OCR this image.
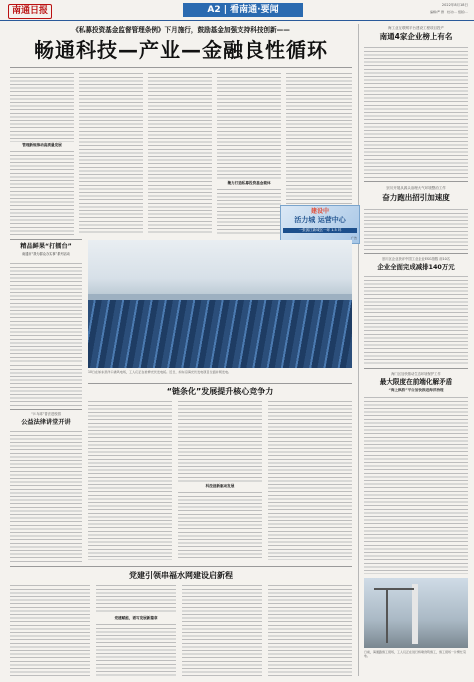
南通日报	A2 | 看南通·要闻	2022年8月18日
编辑/严 群　校对/… 组版/…
《私募投资基金监督管理条例》下月施行，鼓励基金加强支持科技创新——
畅通科技—产业—金融良性循环
管理新规推动高质量发展
聚力打造私募投资基金载体
海工业互联网平台建设工程项目投产
南通4家企业榜上有名
崇川开展从源头治理大气环境整治工作
奋力跑出招引加速度
建设中
活力城 运营中心
一张滨江新城区一环 1.5 环
广告
崇川区企业获评中国工业企业ESG指数 前10名
企业全面完成减排140万元
海门区加快推动生态环境保护工作
最大限度在前端化解矛盾
“海上枫桥”平台加快推进海洋治理
日前，海通路施工现场，工人们正在进行桥墩浇筑施工，施工现场一片繁忙景象。
精品鲜果“打擂台”
南通市“我为群众办实事”系列活动
“乒乓球”普法进校园
公益法律讲堂开讲
10日在如东县洋口港风电场，工人们正在检修光伏发电板。近日，如东沿海光伏发电项目全面并网发电。
“链条化”发展提升核心竞争力
科技创新驱动发展
党建引领串福水网建设启新程
党建赋能，谱写发展新篇章
